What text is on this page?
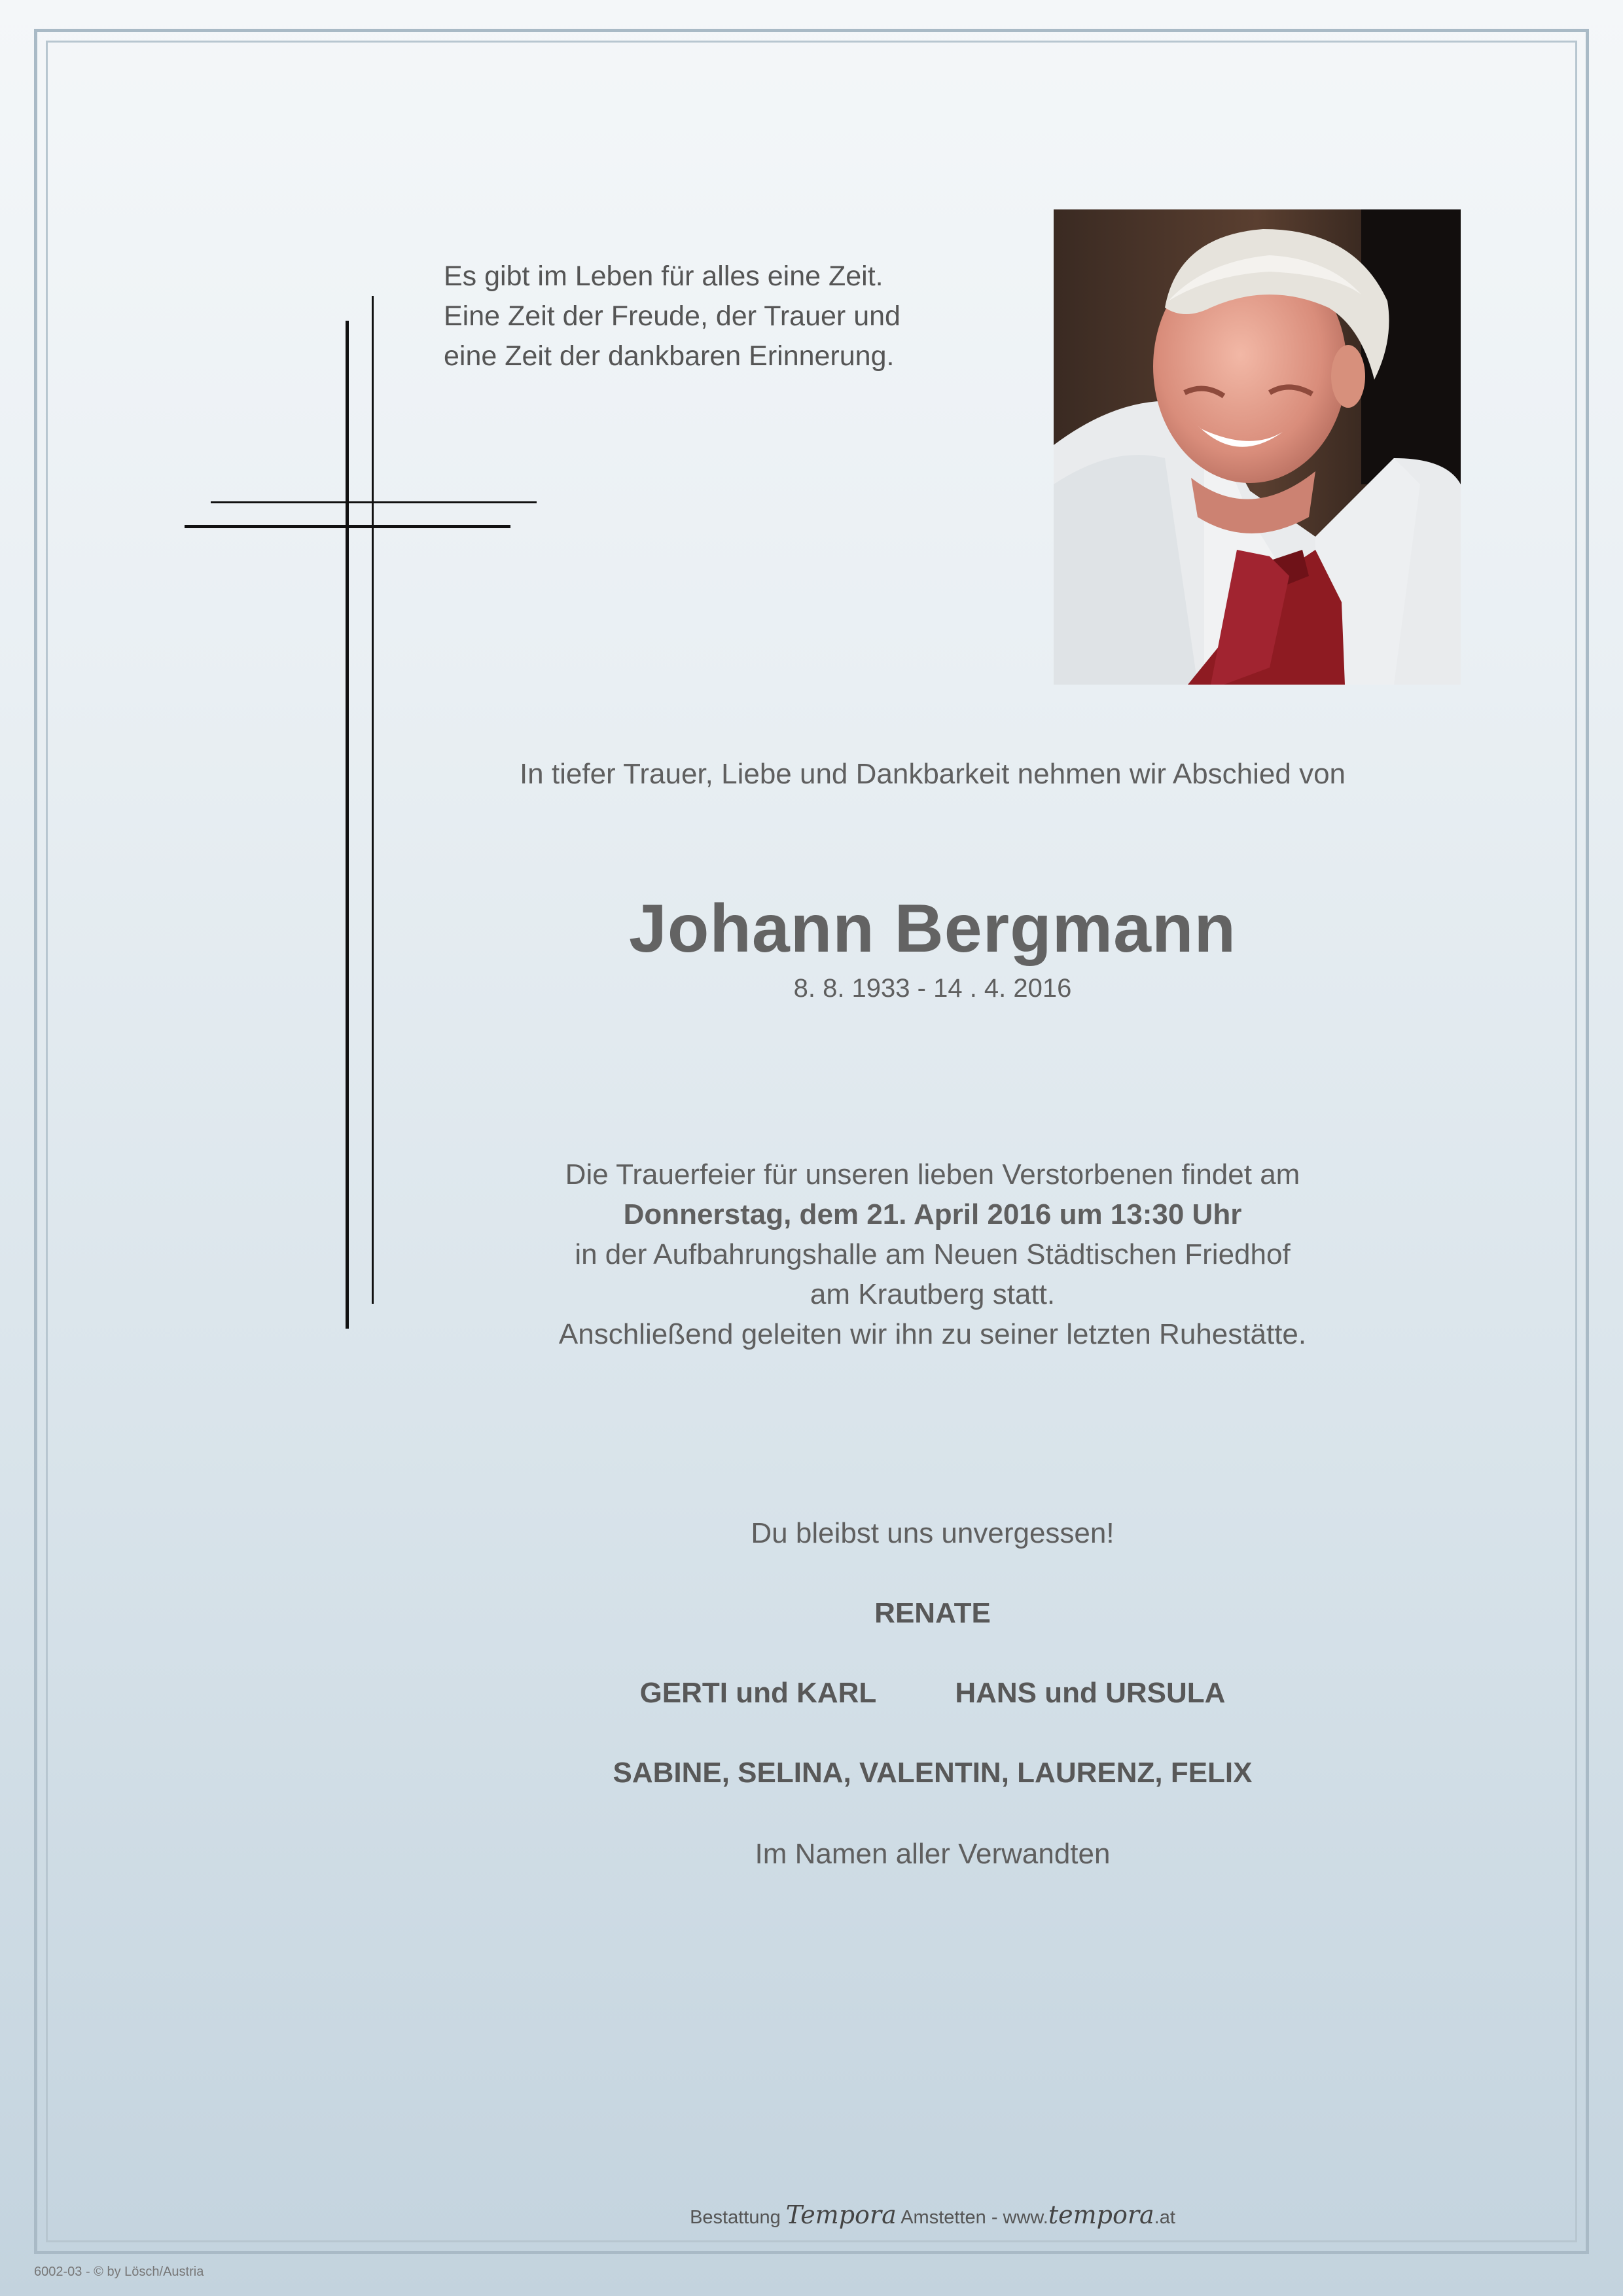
Es gibt im Leben für alles eine Zeit.
Eine Zeit der Freude, der Trauer und
eine Zeit der dankbaren Erinnerung.
In tiefer Trauer, Liebe und Dankbarkeit nehmen wir Abschied von
Johann Bergmann
8. 8. 1933 - 14 . 4. 2016
Die Trauerfeier für unseren lieben Verstorbenen findet am
Donnerstag, dem 21. April 2016 um 13:30 Uhr
in der Aufbahrungshalle am Neuen Städtischen Friedhof
am Krautberg statt.
Anschließend geleiten wir ihn zu seiner letzten Ruhestätte.
Du bleibst uns unvergessen!
RENATE
GERTI und KARL	HANS und URSULA
SABINE, SELINA, VALENTIN, LAURENZ, FELIX
Im Namen aller Verwandten
Bestattung Tempora Amstetten - www.tempora.at
6002-03 - © by Lösch/Austria
